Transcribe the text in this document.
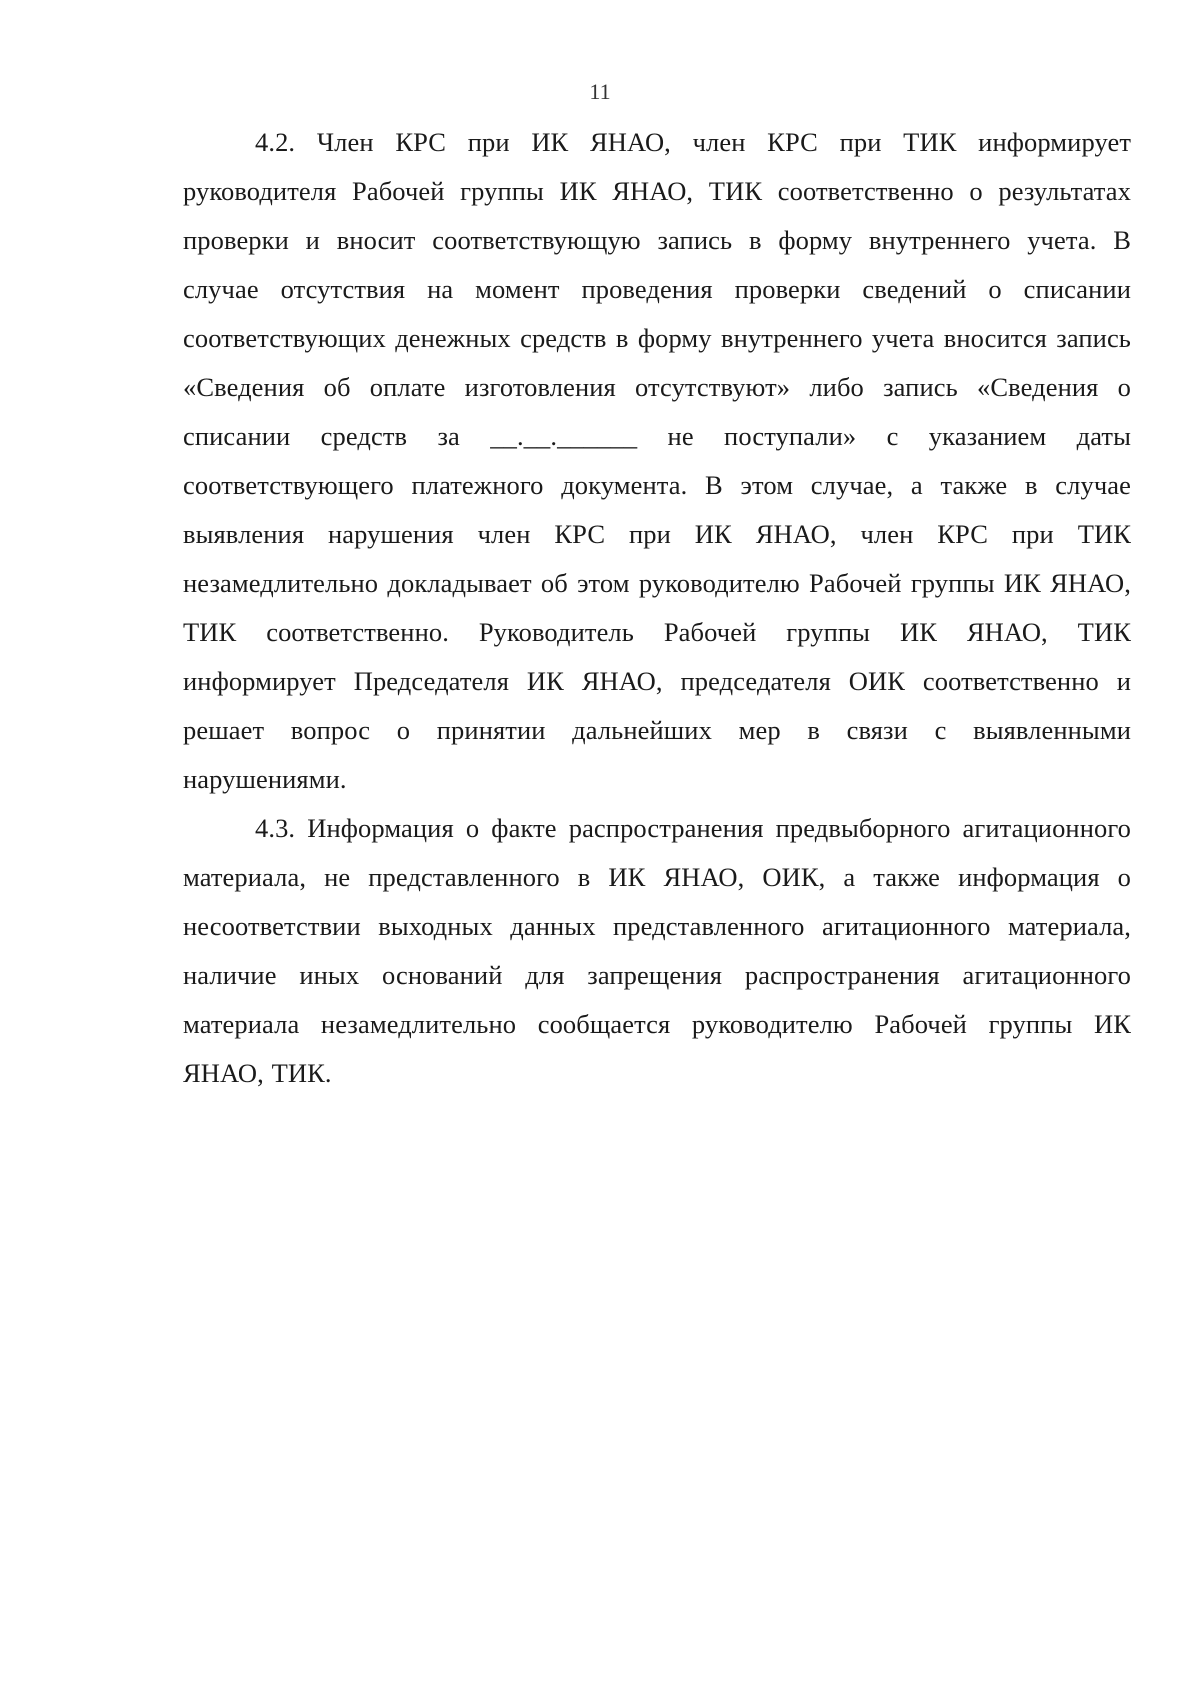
11

4.2. Член КРС при ИК ЯНАО, член КРС при ТИК информирует руководителя Рабочей группы ИК ЯНАО, ТИК соответственно о результатах проверки и вносит соответствующую запись в форму внутреннего учета. В случае отсутствия на момент проведения проверки сведений о списании соответствующих денежных средств в форму внутреннего учета вносится запись «Сведения об оплате изготовления отсутствуют» либо запись «Сведения о списании средств за __.__.______ не поступали» с указанием даты соответствующего платежного документа. В этом случае, а также в случае выявления нарушения член КРС при ИК ЯНАО, член КРС при ТИК незамедлительно докладывает об этом руководителю Рабочей группы ИК ЯНАО, ТИК соответственно. Руководитель Рабочей группы ИК ЯНАО, ТИК информирует Председателя ИК ЯНАО, председателя ОИК соответственно и решает вопрос о принятии дальнейших мер в связи с выявленными нарушениями.

4.3. Информация о факте распространения предвыборного агитационного материала, не представленного в ИК ЯНАО, ОИК, а также информация о несоответствии выходных данных представленного агитационного материала, наличие иных оснований для запрещения распространения агитационного материала незамедлительно сообщается руководителю Рабочей группы ИК ЯНАО, ТИК.
